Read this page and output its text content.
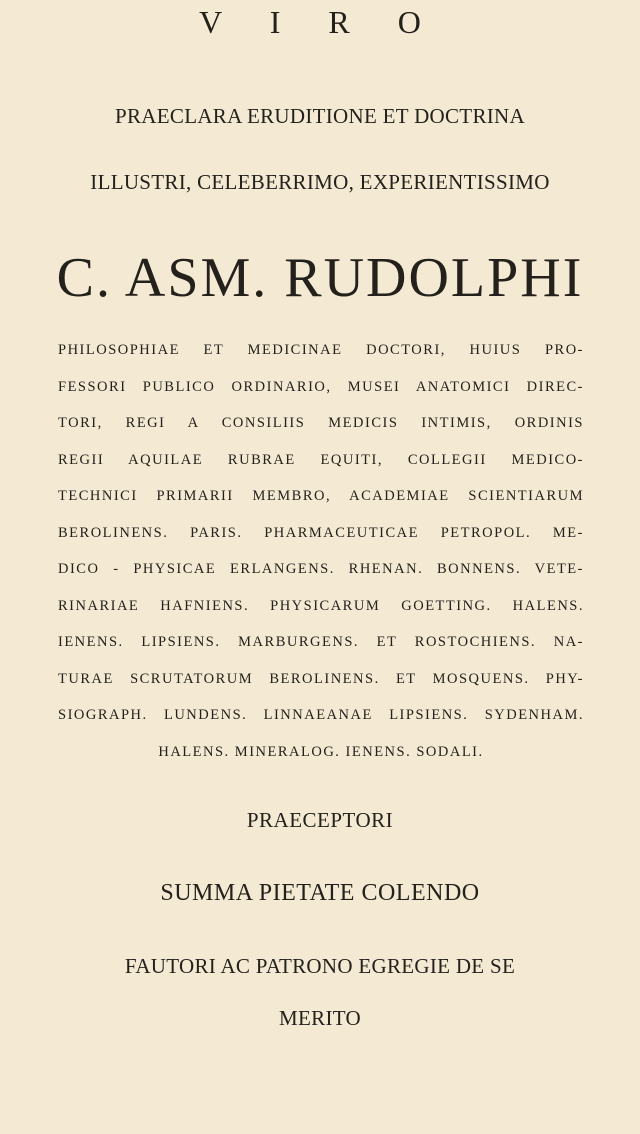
V I R O
PRAECLARA ERUDITIONE ET DOCTRINA
ILLUSTRI, CELEBERRIMO, EXPERIENTISSIMO
C. ASM. RUDOLPHI
PHILOSOPHIAE ET MEDICINAE DOCTORI, HUIUS PRO-
FESSORI PUBLICO ORDINARIO, MUSEI ANATOMICI DIREC-
TORI, REGI A CONSILIIS MEDICIS INTIMIS, ORDINIS
REGII AQUILAE RUBRAE EQUITI, COLLEGII MEDICO-
TECHNICI PRIMARII MEMBRO, ACADEMIAE SCIENTIARUM
BEROLINENS. PARIS. PHARMACEUTICAE PETROPOL. ME-
DICO - PHYSICAE ERLANGENS. RHENAN. BONNENS. VETE-
RINARIAE HAFNIENS. PHYSICARUM GOETTING. HALENS.
IENENS. LIPSIENS. MARBURGENS. ET ROSTOCHIENS. NA-
TURAE SCRUTATORUM BEROLINENS. ET MOSQUENS. PHY-
SIOGRAPH. LUNDENS. LINNAEANAE LIPSIENS. SYDENHAM.
HALENS. MINERALOG. IENENS. SODALI.
PRAECEPTORI
SUMMA PIETATE COLENDO
FAUTORI AC PATRONO EGREGIE DE SE
MERITO
